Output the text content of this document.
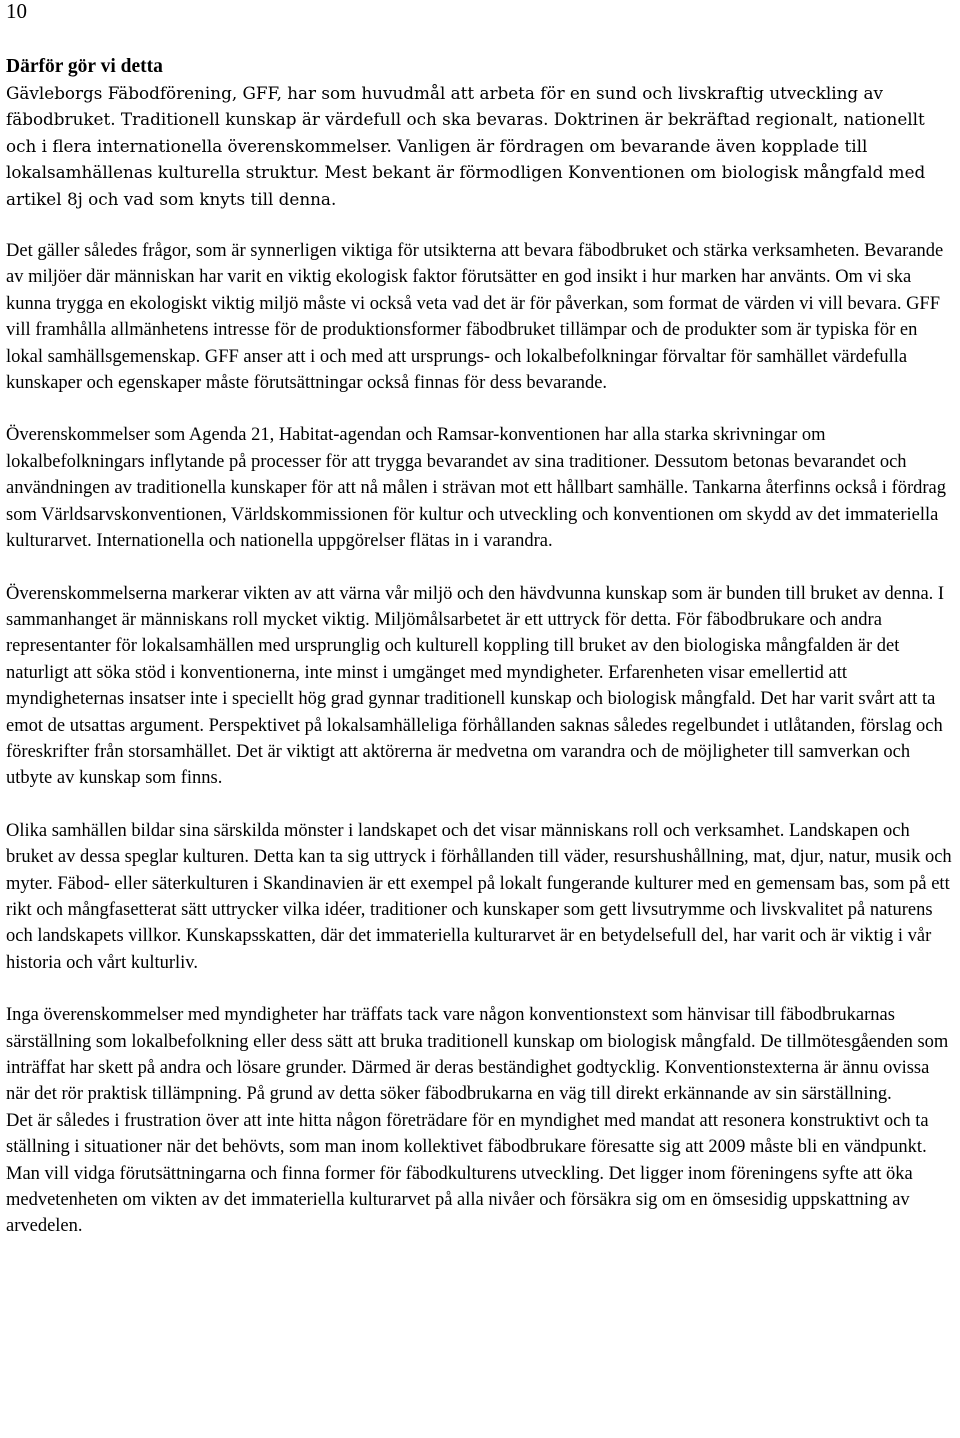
10
Därför gör vi detta

Gävleborgs Fäbodförening, GFF, har som huvudmål att arbeta för en sund och livskraftig utveckling av fäbodbruket. Traditionell kunskap är värdefull och ska bevaras. Doktrinen är bekräftad regionalt, nationellt och i flera internationella överenskommelser. Vanligen är fördragen om bevarande även kopplade till lokalsamhällenas kulturella struktur. Mest bekant är förmodligen Konventionen om biologisk mångfald med artikel 8j och vad som knyts till denna.

Det gäller således frågor, som är synnerligen viktiga för utsikterna att bevara fäbodbruket och stärka verksamheten. Bevarande av miljöer där människan har varit en viktig ekologisk faktor förutsätter en god insikt i hur marken har använts. Om vi ska kunna trygga en ekologiskt viktig miljö måste vi också veta vad det är för påverkan, som format de värden vi vill bevara. GFF vill framhålla allmänhetens intresse för de produktionsformer fäbodbruket tillämpar och de produkter som är typiska för en lokal samhällsgemenskap. GFF anser att i och med att ursprungs- och lokalbefolkningar förvaltar för samhället värdefulla kunskaper och egenskaper måste förutsättningar också finnas för dess bevarande.

Överenskommelser som Agenda 21, Habitat-agendan och Ramsar-konventionen har alla starka skrivningar om lokalbefolkningars inflytande på processer för att trygga bevarandet av sina traditioner. Dessutom betonas bevarandet och användningen av traditionella kunskaper för att nå målen i strävan mot ett hållbart samhälle. Tankarna återfinns också i fördrag som Världsarvskonventionen, Världskommissionen för kultur och utveckling och konventionen om skydd av det immateriella kulturarvet. Internationella och nationella uppgörelser flätas in i varandra.

Överenskommelserna markerar vikten av att värna vår miljö och den hävdvunna kunskap som är bunden till bruket av denna. I sammanhanget är människans roll mycket viktig. Miljömålsarbetet är ett uttryck för detta. För fäbodbrukare och andra representanter för lokalsamhällen med ursprunglig och kulturell koppling till bruket av den biologiska mångfalden är det naturligt att söka stöd i konventionerna, inte minst i umgänget med myndigheter. Erfarenheten visar emellertid att myndigheternas insatser inte i speciellt hög grad gynnar traditionell kunskap och biologisk mångfald. Det har varit svårt att ta emot de utsattas argument. Perspektivet på lokalsamhälleliga förhållanden saknas således regelbundet i utlåtanden, förslag och föreskrifter från storsamhället. Det är viktigt att aktörerna är medvetna om varandra och de möjligheter till samverkan och utbyte av kunskap som finns.

Olika samhällen bildar sina särskilda mönster i landskapet och det visar människans roll och verksamhet. Landskapen och bruket av dessa speglar kulturen. Detta kan ta sig uttryck i förhållanden till väder, resurshushållning, mat, djur, natur, musik och myter. Fäbod- eller säterkulturen i Skandinavien är ett exempel på lokalt fungerande kulturer med en gemensam bas, som på ett rikt och mångfasetterat sätt uttrycker vilka idéer, traditioner och kunskaper som gett livsutrymme och livskvalitet på naturens och landskapets villkor. Kunskapsskatten, där det immateriella kulturarvet är en betydelsefull del, har varit och är viktig i vår historia och vårt kulturliv.

Inga överenskommelser med myndigheter har träffats tack vare någon konventionstext som hänvisar till fäbodbrukarnas särställning som lokalbefolkning eller dess sätt att bruka traditionell kunskap om biologisk mångfald. De tillmötesgåenden som inträffat har skett på andra och lösare grunder. Därmed är deras beständighet godtycklig. Konventionstexterna är ännu ovissa när det rör praktisk tillämpning. På grund av detta söker fäbodbrukarna en väg till direkt erkännande av sin särställning.

Det är således i frustration över att inte hitta någon företrädare för en myndighet med mandat att resonera konstruktivt och ta ställning i situationer när det behövts, som man inom kollektivet fäbodbrukare föresatte sig att 2009 måste bli en vändpunkt. Man vill vidga förutsättningarna och finna former för fäbodkulturens utveckling. Det ligger inom föreningens syfte att öka medvetenheten om vikten av det immateriella kulturarvet på alla nivåer och försäkra sig om en ömsesidig uppskattning av arvedelen.
